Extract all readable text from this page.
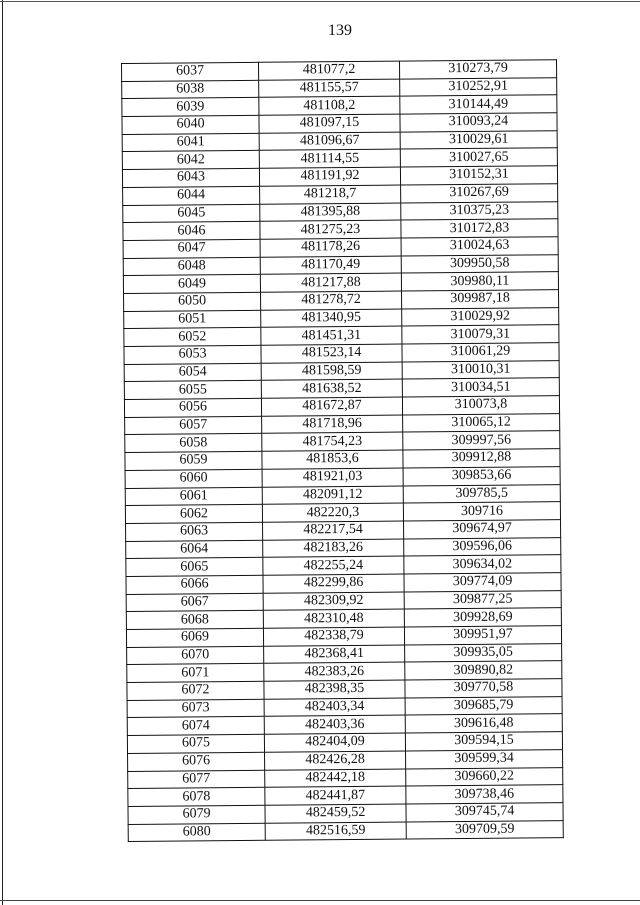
139
6037	481077,2	310273,79
6038	481155,57	310252,91
6039	481108,2	310144,49
6040	481097,15	310093,24
6041	481096,67	310029,61
6042	481114,55	310027,65
6043	481191,92	310152,31
6044	481218,7	310267,69
6045	481395,88	310375,23
6046	481275,23	310172,83
6047	481178,26	310024,63
6048	481170,49	309950,58
6049	481217,88	309980,11
6050	481278,72	309987,18
6051	481340,95	310029,92
6052	481451,31	310079,31
6053	481523,14	310061,29
6054	481598,59	310010,31
6055	481638,52	310034,51
6056	481672,87	310073,8
6057	481718,96	310065,12
6058	481754,23	309997,56
6059	481853,6	309912,88
6060	481921,03	309853,66
6061	482091,12	309785,5
6062	482220,3	309716
6063	482217,54	309674,97
6064	482183,26	309596,06
6065	482255,24	309634,02
6066	482299,86	309774,09
6067	482309,92	309877,25
6068	482310,48	309928,69
6069	482338,79	309951,97
6070	482368,41	309935,05
6071	482383,26	309890,82
6072	482398,35	309770,58
6073	482403,34	309685,79
6074	482403,36	309616,48
6075	482404,09	309594,15
6076	482426,28	309599,34
6077	482442,18	309660,22
6078	482441,87	309738,46
6079	482459,52	309745,74
6080	482516,59	309709,59
